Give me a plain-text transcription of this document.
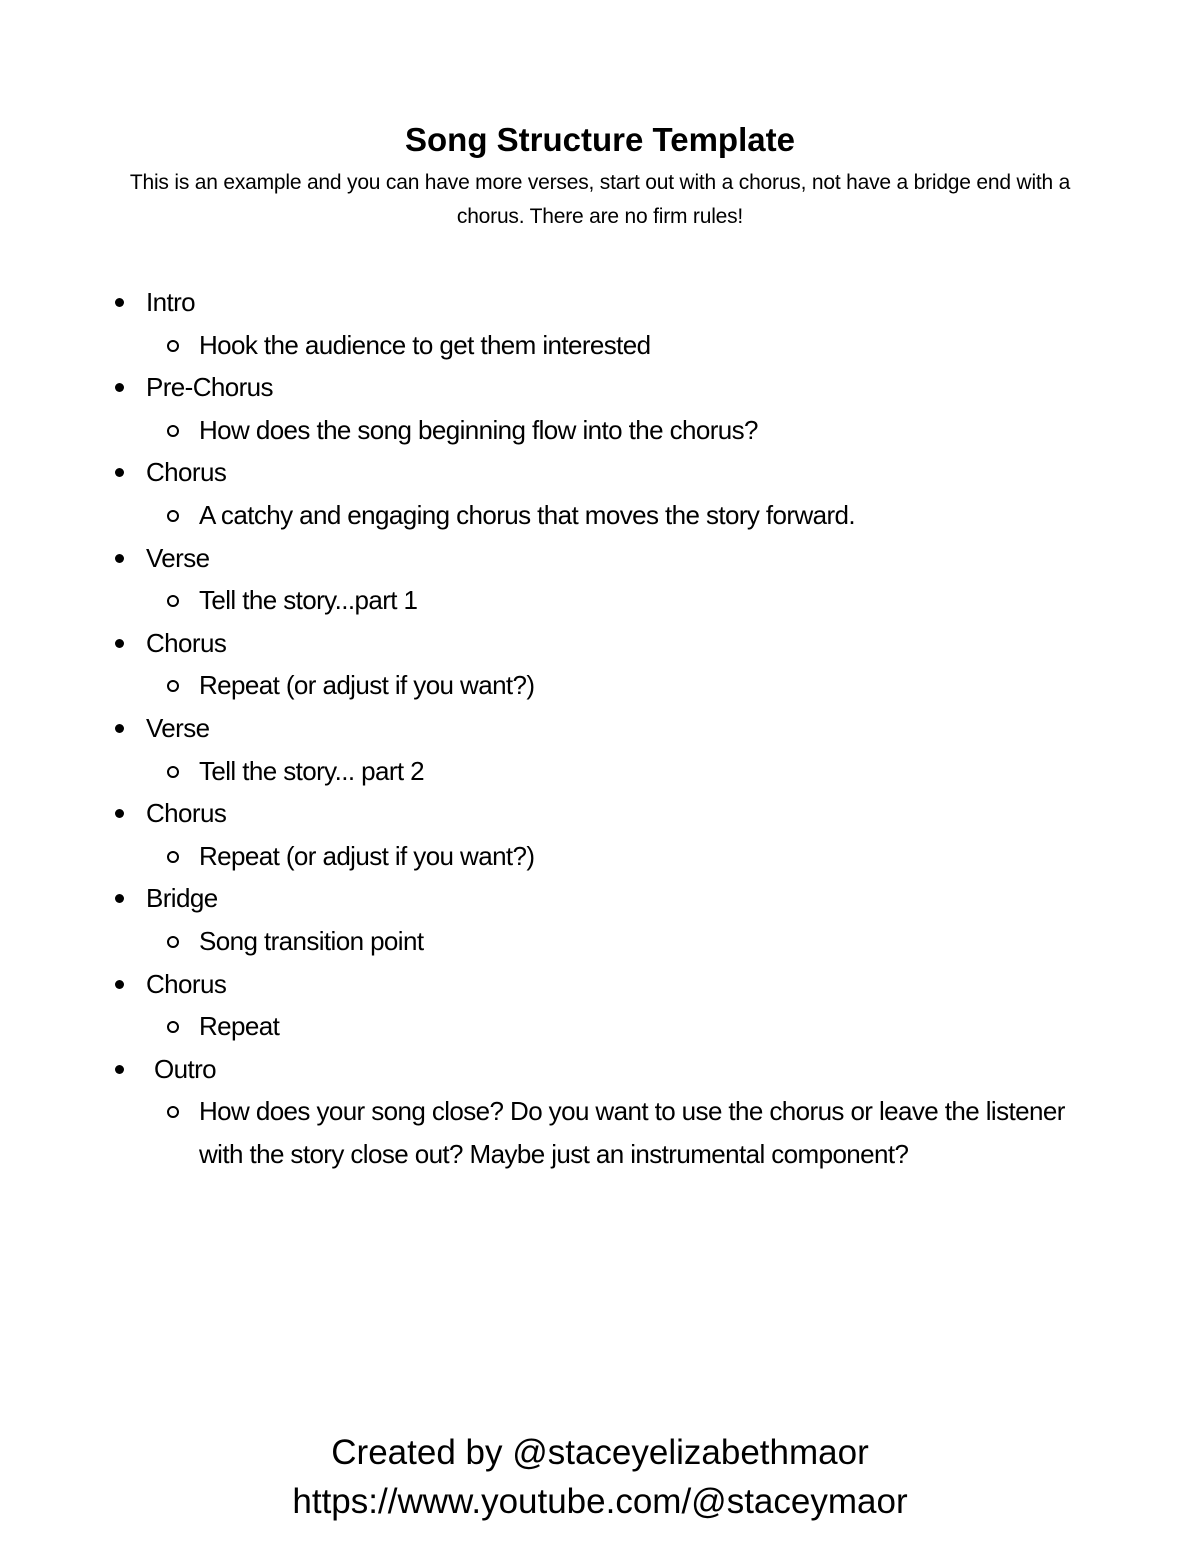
Song Structure Template
This is an example and you can have more verses, start out with a chorus, not have a bridge end with a chorus. There are no firm rules!
Intro
Hook the audience to get them interested
Pre-Chorus
How does the song beginning flow into the chorus?
Chorus
A catchy and engaging chorus that moves the story forward.
Verse
Tell the story...part 1
Chorus
Repeat (or adjust if you want?)
Verse
Tell the story... part 2
Chorus
Repeat (or adjust if you want?)
Bridge
Song transition point
Chorus
Repeat
Outro
How does your song close? Do you want to use the chorus or leave the listener with the story close out? Maybe just an instrumental component?
Created by @staceyelizabethmaor
https://www.youtube.com/@staceymaor
